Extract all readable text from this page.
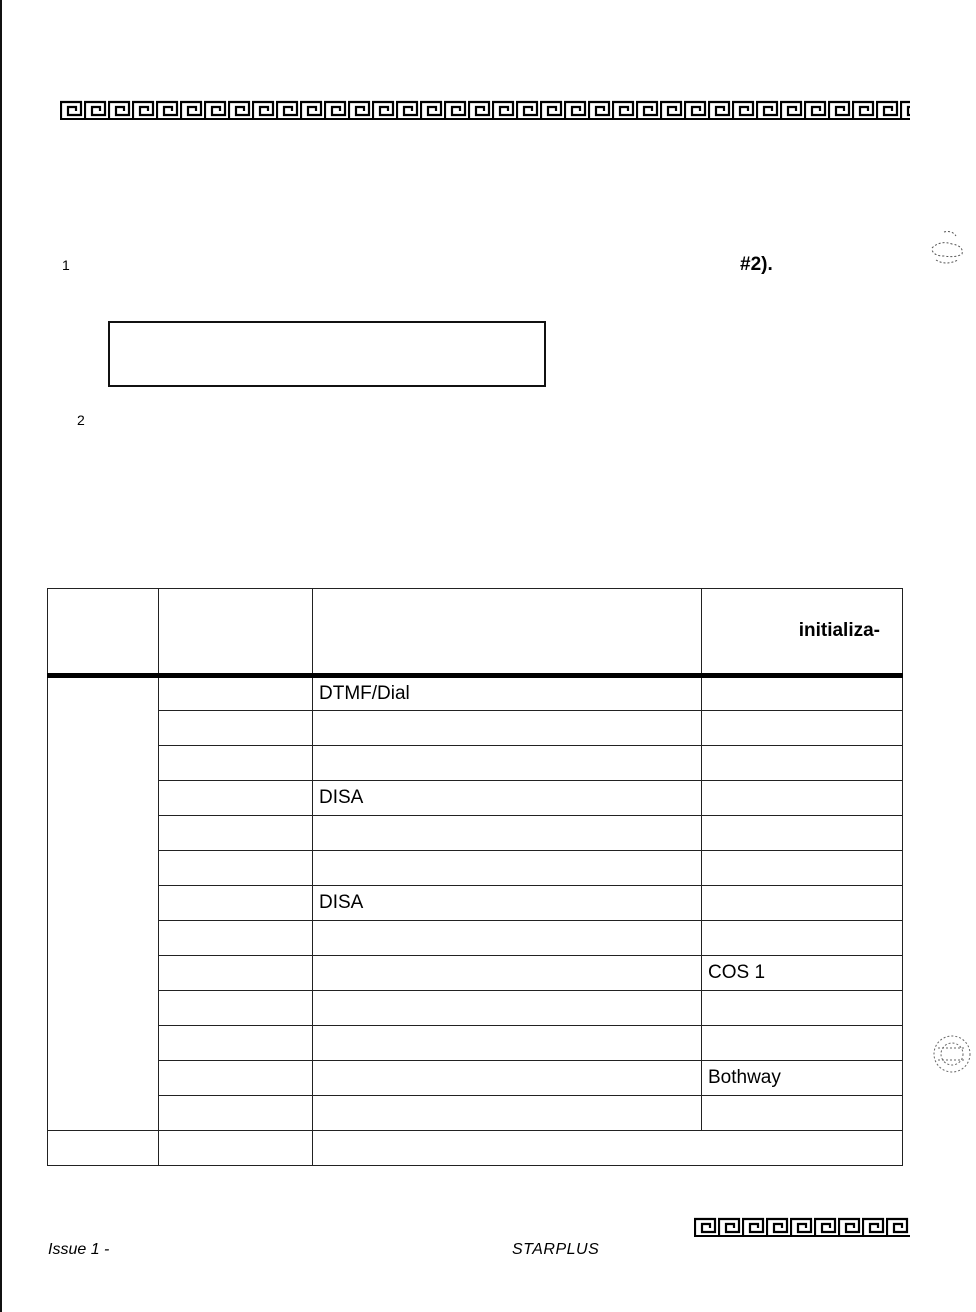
1	#2).
2
			initializa-
		DTMF/Dial	

		DISA	

		DISA	

			COS 1

			Bothway

Issue 1 -	STARPLUS
